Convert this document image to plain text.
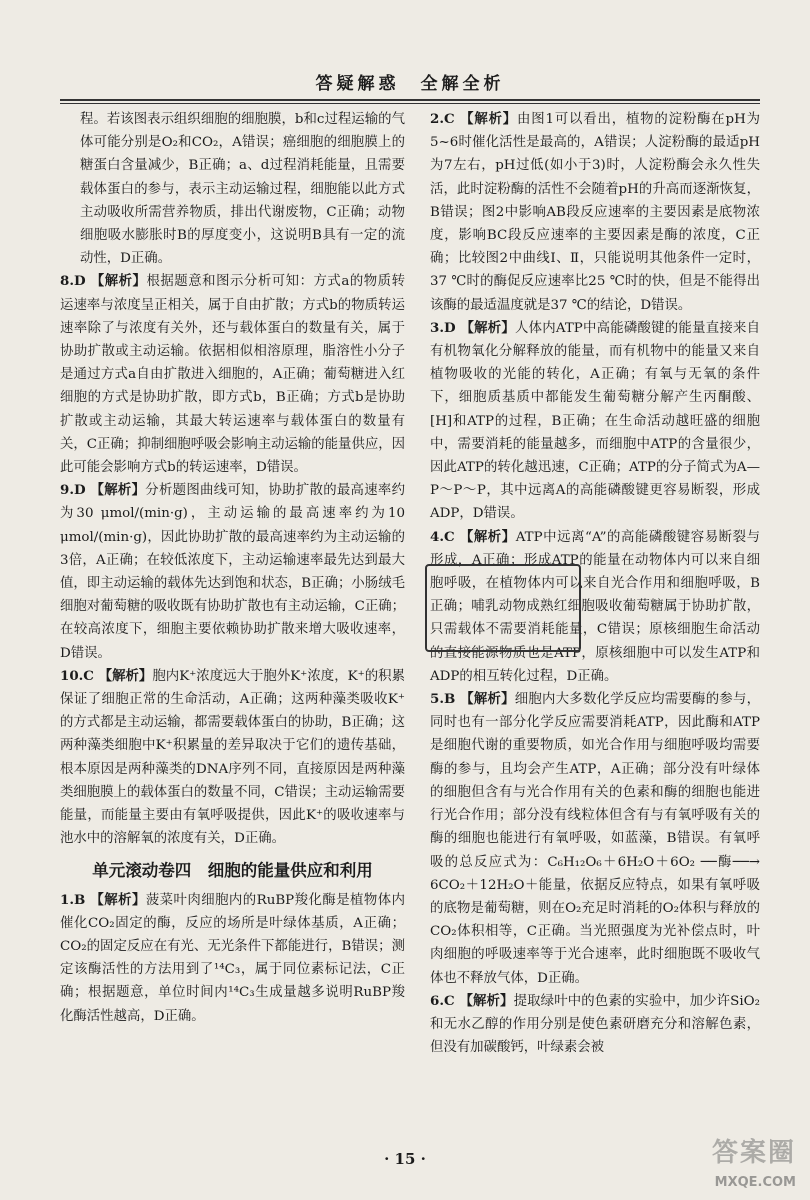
答疑解惑　全解全析

程。若该图表示组织细胞的细胞膜，b和c过程运输的气体可能分别是O₂和CO₂，A错误；癌细胞的细胞膜上的糖蛋白含量减少，B正确；a、d过程消耗能量，且需要载体蛋白的参与，表示主动运输过程，细胞能以此方式主动吸收所需营养物质，排出代谢废物，C正确；动物细胞吸水膨胀时B的厚度变小，这说明B具有一定的流动性，D正确。

8.D 【解析】根据题意和图示分析可知：方式a的物质转运速率与浓度呈正相关，属于自由扩散；方式b的物质转运速率除了与浓度有关外，还与载体蛋白的数量有关，属于协助扩散或主动运输。依据相似相溶原理，脂溶性小分子是通过方式a自由扩散进入细胞的，A正确；葡萄糖进入红细胞的方式是协助扩散，即方式b，B正确；方式b是协助扩散或主动运输，其最大转运速率与载体蛋白的数量有关，C正确；抑制细胞呼吸会影响主动运输的能量供应，因此可能会影响方式b的转运速率，D错误。

9.D 【解析】分析题图曲线可知，协助扩散的最高速率约为30 μmol/(min·g)，主动运输的最高速率约为10 μmol/(min·g)，因此协助扩散的最高速率约为主动运输的3倍，A正确；在较低浓度下，主动运输速率最先达到最大值，即主动运输的载体先达到饱和状态，B正确；小肠绒毛细胞对葡萄糖的吸收既有协助扩散也有主动运输，C正确；在较高浓度下，细胞主要依赖协助扩散来增大吸收速率，D错误。

10.C 【解析】胞内K⁺浓度远大于胞外K⁺浓度，K⁺的积累保证了细胞正常的生命活动，A正确；这两种藻类吸收K⁺的方式都是主动运输，都需要载体蛋白的协助，B正确；这两种藻类细胞中K⁺积累量的差异取决于它们的遗传基础，根本原因是两种藻类的DNA序列不同，直接原因是两种藻类细胞膜上的载体蛋白的数量不同，C错误；主动运输需要能量，而能量主要由有氧呼吸提供，因此K⁺的吸收速率与池水中的溶解氧的浓度有关，D正确。

单元滚动卷四　细胞的能量供应和利用

1.B 【解析】菠菜叶肉细胞内的RuBP羧化酶是植物体内催化CO₂固定的酶，反应的场所是叶绿体基质，A正确；CO₂的固定反应在有光、无光条件下都能进行，B错误；测定该酶活性的方法用到了¹⁴C₃，属于同位素标记法，C正确；根据题意，单位时间内¹⁴C₃生成量越多说明RuBP羧化酶活性越高，D正确。

2.C 【解析】由图1可以看出，植物的淀粉酶在pH为5~6时催化活性是最高的，A错误；人淀粉酶的最适pH为7左右，pH过低(如小于3)时，人淀粉酶会永久性失活，此时淀粉酶的活性不会随着pH的升高而逐渐恢复，B错误；图2中影响AB段反应速率的主要因素是底物浓度，影响BC段反应速率的主要因素是酶的浓度，C正确；比较图2中曲线Ⅰ、Ⅱ，只能说明其他条件一定时，37 ℃时的酶促反应速率比25 ℃时的快，但是不能得出该酶的最适温度就是37 ℃的结论，D错误。

3.D 【解析】人体内ATP中高能磷酸键的能量直接来自有机物氧化分解释放的能量，而有机物中的能量又来自植物吸收的光能的转化，A正确；有氧与无氧的条件下，细胞质基质中都能发生葡萄糖分解产生丙酮酸、[H]和ATP的过程，B正确；在生命活动越旺盛的细胞中，需要消耗的能量越多，而细胞中ATP的含量很少，因此ATP的转化越迅速，C正确；ATP的分子简式为A—P～P～P，其中远离A的高能磷酸键更容易断裂，形成ADP，D错误。

4.C 【解析】ATP中远离“A”的高能磷酸键容易断裂与形成，A正确；形成ATP的能量在动物体内可以来自细胞呼吸，在植物体内可以来自光合作用和细胞呼吸，B正确；哺乳动物成熟红细胞吸收葡萄糖属于协助扩散，只需载体不需要消耗能量，C错误；原核细胞生命活动的直接能源物质也是ATP，原核细胞中可以发生ATP和ADP的相互转化过程，D正确。

5.B 【解析】细胞内大多数化学反应均需要酶的参与，同时也有一部分化学反应需要消耗ATP，因此酶和ATP是细胞代谢的重要物质，如光合作用与细胞呼吸均需要酶的参与，且均会产生ATP，A正确；部分没有叶绿体的细胞但含有与光合作用有关的色素和酶的细胞也能进行光合作用；部分没有线粒体但含有与有氧呼吸有关的酶的细胞也能进行有氧呼吸，如蓝藻，B错误。有氧呼吸的总反应式为：C₆H₁₂O₆＋6H₂O＋6O₂ ──酶──→ 6CO₂＋12H₂O＋能量，依据反应特点，如果有氧呼吸的底物是葡萄糖，则在O₂充足时消耗的O₂体积与释放的CO₂体积相等，C正确。当光照强度为光补偿点时，叶肉细胞的呼吸速率等于光合速率，此时细胞既不吸收气体也不释放气体，D正确。

6.C 【解析】提取绿叶中的色素的实验中，加少许SiO₂和无水乙醇的作用分别是使色素研磨充分和溶解色素，但没有加碳酸钙，叶绿素会被

· 15 ·	答案圈
MXQE.COM
